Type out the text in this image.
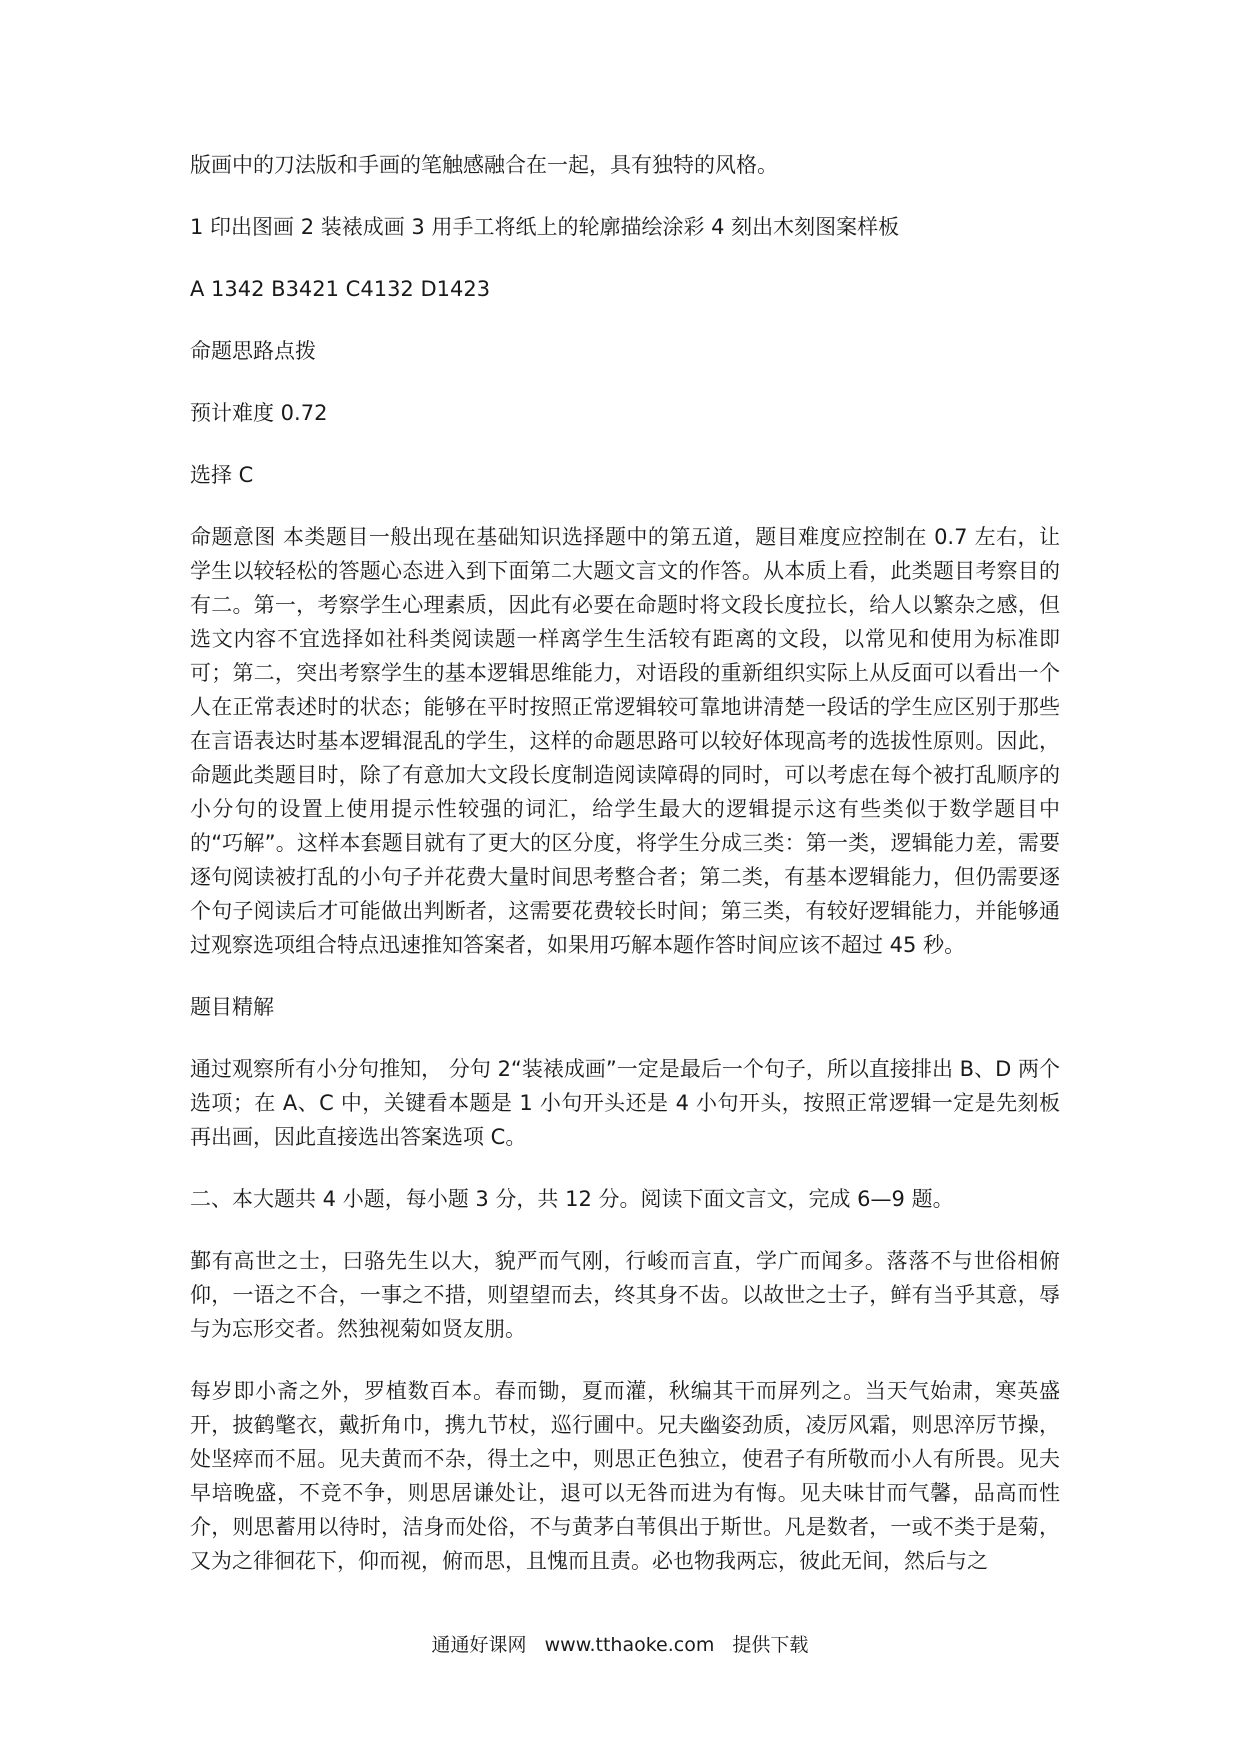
版画中的刀法版和手画的笔触感融合在一起，具有独特的风格。

1 印出图画 2 装裱成画 3 用手工将纸上的轮廓描绘涂彩 4 刻出木刻图案样板

A 1342 B3421 C4132 D1423

命题思路点拨

预计难度 0.72

选择 C

命题意图 本类题目一般出现在基础知识选择题中的第五道，题目难度应控制在 0.7 左右，让学生以较轻松的答题心态进入到下面第二大题文言文的作答。从本质上看，此类题目考察目的有二。第一，考察学生心理素质，因此有必要在命题时将文段长度拉长，给人以繁杂之感，但选文内容不宜选择如社科类阅读题一样离学生生活较有距离的文段，以常见和使用为标准即可；第二，突出考察学生的基本逻辑思维能力，对语段的重新组织实际上从反面可以看出一个人在正常表述时的状态；能够在平时按照正常逻辑较可靠地讲清楚一段话的学生应区别于那些在言语表达时基本逻辑混乱的学生，这样的命题思路可以较好体现高考的选拔性原则。因此，命题此类题目时，除了有意加大文段长度制造阅读障碍的同时，可以考虑在每个被打乱顺序的小分句的设置上使用提示性较强的词汇，给学生最大的逻辑提示这有些类似于数学题目中的“巧解”。这样本套题目就有了更大的区分度，将学生分成三类：第一类，逻辑能力差，需要逐句阅读被打乱的小句子并花费大量时间思考整合者；第二类，有基本逻辑能力，但仍需要逐个句子阅读后才可能做出判断者，这需要花费较长时间；第三类，有较好逻辑能力，并能够通过观察选项组合特点迅速推知答案者，如果用巧解本题作答时间应该不超过 45 秒。

题目精解

通过观察所有小分句推知， 分句 2“装裱成画”一定是最后一个句子，所以直接排出 B、D 两个选项；在 A、C 中，关键看本题是 1 小句开头还是 4 小句开头，按照正常逻辑一定是先刻板再出画，因此直接选出答案选项 C。

二、本大题共 4 小题，每小题 3 分，共 12 分。阅读下面文言文，完成 6—9 题。

鄞有高世之士，曰骆先生以大，貌严而气刚，行峻而言直，学广而闻多。落落不与世俗相俯仰，一语之不合，一事之不措，则望望而去，终其身不齿。以故世之士子，鲜有当乎其意，辱与为忘形交者。然独视菊如贤友朋。

每岁即小斋之外，罗植数百本。春而锄，夏而灌，秋编其干而屏列之。当天气始肃，寒英盛开，披鹤氅衣，戴折角巾，携九节杖，巡行圃中。兄夫幽姿劲质，凌厉风霜，则思淬厉节操，处坚瘁而不屈。见夫黄而不杂，得土之中，则思正色独立，使君子有所敬而小人有所畏。见夫早培晚盛，不竞不争，则思居谦处让，退可以无咎而进为有悔。见夫味甘而气馨，品高而性介，则思蓄用以待时，洁身而处俗，不与黄茅白苇俱出于斯世。凡是数者，一或不类于是菊，又为之徘徊花下，仰而视，俯而思，且愧而且责。必也物我两忘，彼此无间，然后与之

通通好课网 www.tthaoke.com 提供下载
